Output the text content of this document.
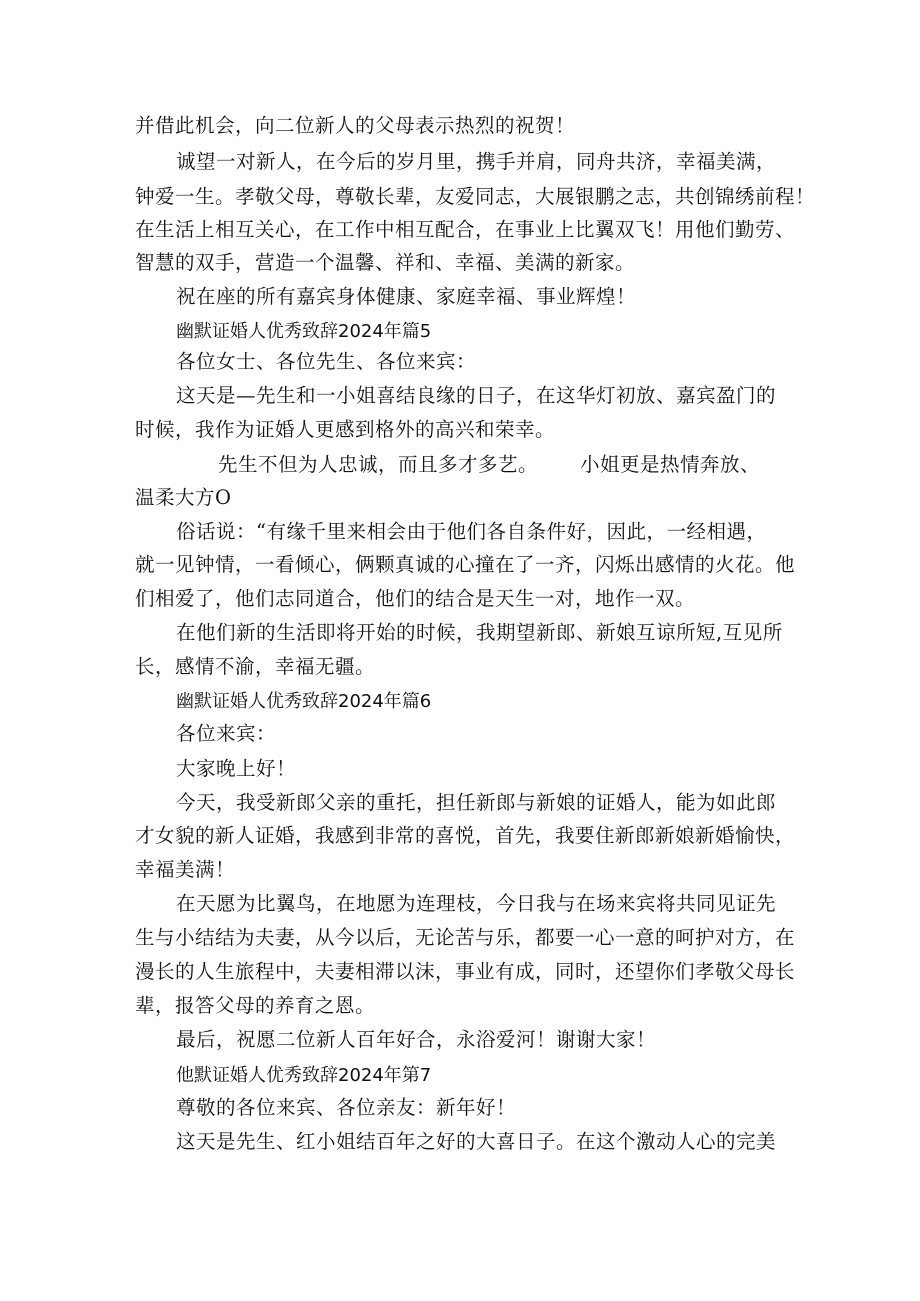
并借此机会，向二位新人的父母表示热烈的祝贺！
诚望一对新人，在今后的岁月里，携手并肩，同舟共济，幸福美满，
钟爱一生。孝敬父母，尊敬长辈，友爱同志，大展银鹏之志，共创锦绣前程！
在生活上相互关心，在工作中相互配合，在事业上比翼双飞！用他们勤劳、
智慧的双手，营造一个温馨、祥和、幸福、美满的新家。
祝在座的所有嘉宾身体健康、家庭幸福、事业辉煌！
幽默证婚人优秀致辞2024年篇5
各位女士、各位先生、各位来宾：
这天是—先生和一小姐喜结良缘的日子，在这华灯初放、嘉宾盈门的
时候，我作为证婚人更感到格外的高兴和荣幸。
先生不但为人忠诚，而且多才多艺。 小姐更是热情奔放、
温柔大方O
俗话说：“有缘千里来相会由于他们各自条件好，因此，一经相遇，
就一见钟情，一看倾心，俩颗真诚的心撞在了一齐，闪烁出感情的火花。他
们相爱了，他们志同道合，他们的结合是天生一对，地作一双。
在他们新的生活即将开始的时候，我期望新郎、新娘互谅所短,互见所
长，感情不渝，幸福无疆。
幽默证婚人优秀致辞2024年篇6
各位来宾：
大家晚上好！
今天，我受新郎父亲的重托，担任新郎与新娘的证婚人，能为如此郎
才女貌的新人证婚，我感到非常的喜悦，首先，我要住新郎新娘新婚愉快，
幸福美满！
在天愿为比翼鸟，在地愿为连理枝，今日我与在场来宾将共同见证先
生与小结结为夫妻，从今以后，无论苦与乐，都要一心一意的呵护对方，在
漫长的人生旅程中，夫妻相滞以沫，事业有成，同时，还望你们孝敬父母长
辈，报答父母的养育之恩。
最后，祝愿二位新人百年好合，永浴爱河！谢谢大家！
他默证婚人优秀致辞2024年第7
尊敬的各位来宾、各位亲友：新年好！
这天是先生、红小姐结百年之好的大喜日子。在这个激动人心的完美
